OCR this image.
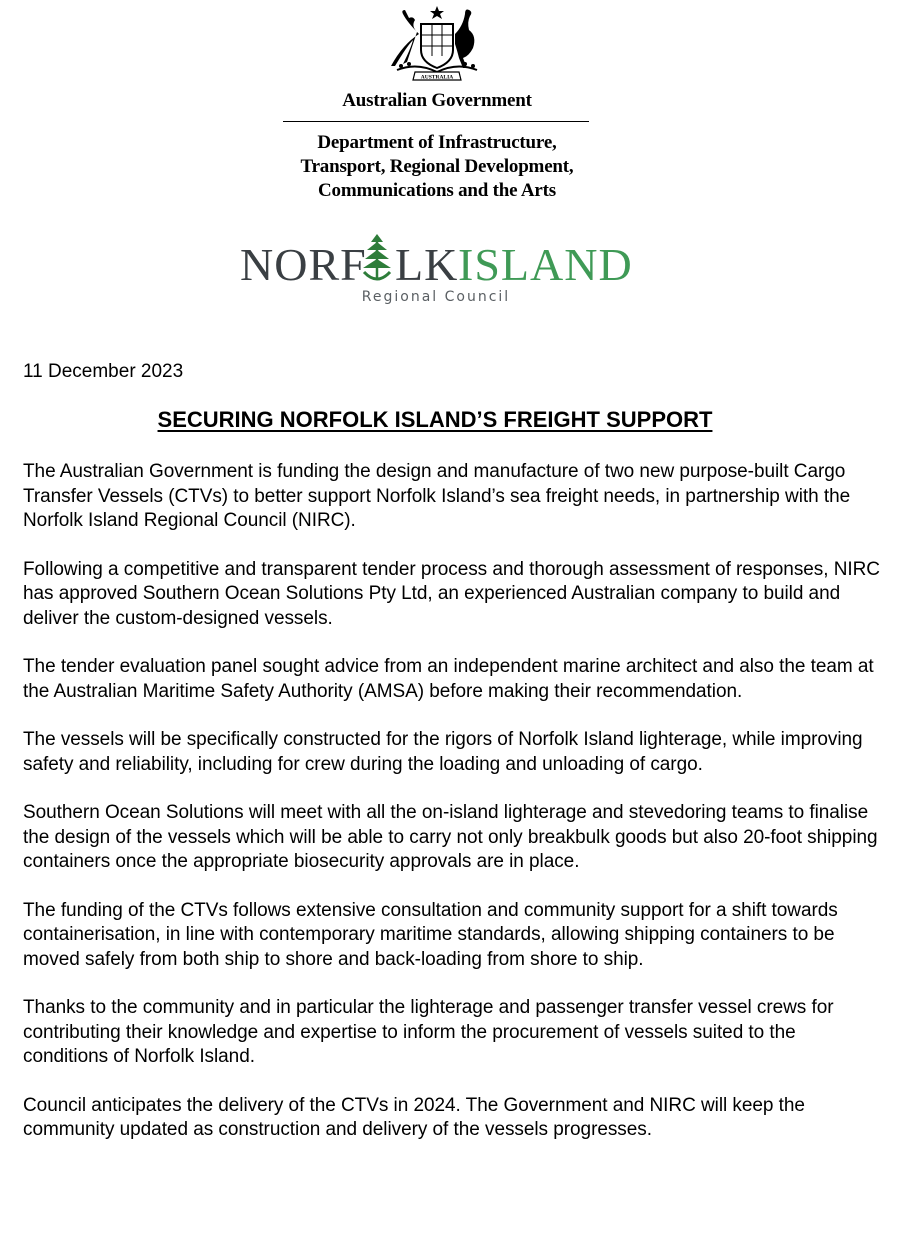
AUSTRALIA
Australian Government
Department of Infrastructure,
Transport, Regional Development,
Communications and the Arts
NORF LK ISLAND
Regional Council
11 December 2023
SECURING NORFOLK ISLAND’S FREIGHT SUPPORT

The Australian Government is funding the design and manufacture of two new purpose-built Cargo Transfer Vessels (CTVs) to better support Norfolk Island’s sea freight needs, in partnership with the Norfolk Island Regional Council (NIRC).

Following a competitive and transparent tender process and thorough assessment of responses, NIRC has approved Southern Ocean Solutions Pty Ltd, an experienced Australian company to build and deliver the custom-designed vessels.

The tender evaluation panel sought advice from an independent marine architect and also the team at the Australian Maritime Safety Authority (AMSA) before making their recommendation.

The vessels will be specifically constructed for the rigors of Norfolk Island lighterage, while improving safety and reliability, including for crew during the loading and unloading of cargo.

Southern Ocean Solutions will meet with all the on-island lighterage and stevedoring teams to finalise the design of the vessels which will be able to carry not only breakbulk goods but also 20-foot shipping containers once the appropriate biosecurity approvals are in place.

The funding of the CTVs follows extensive consultation and community support for a shift towards containerisation, in line with contemporary maritime standards, allowing shipping containers to be moved safely from both ship to shore and back-loading from shore to ship.

Thanks to the community and in particular the lighterage and passenger transfer vessel crews for contributing their knowledge and expertise to inform the procurement of vessels suited to the conditions of Norfolk Island.

Council anticipates the delivery of the CTVs in 2024. The Government and NIRC will keep the community updated as construction and delivery of the vessels progresses.
